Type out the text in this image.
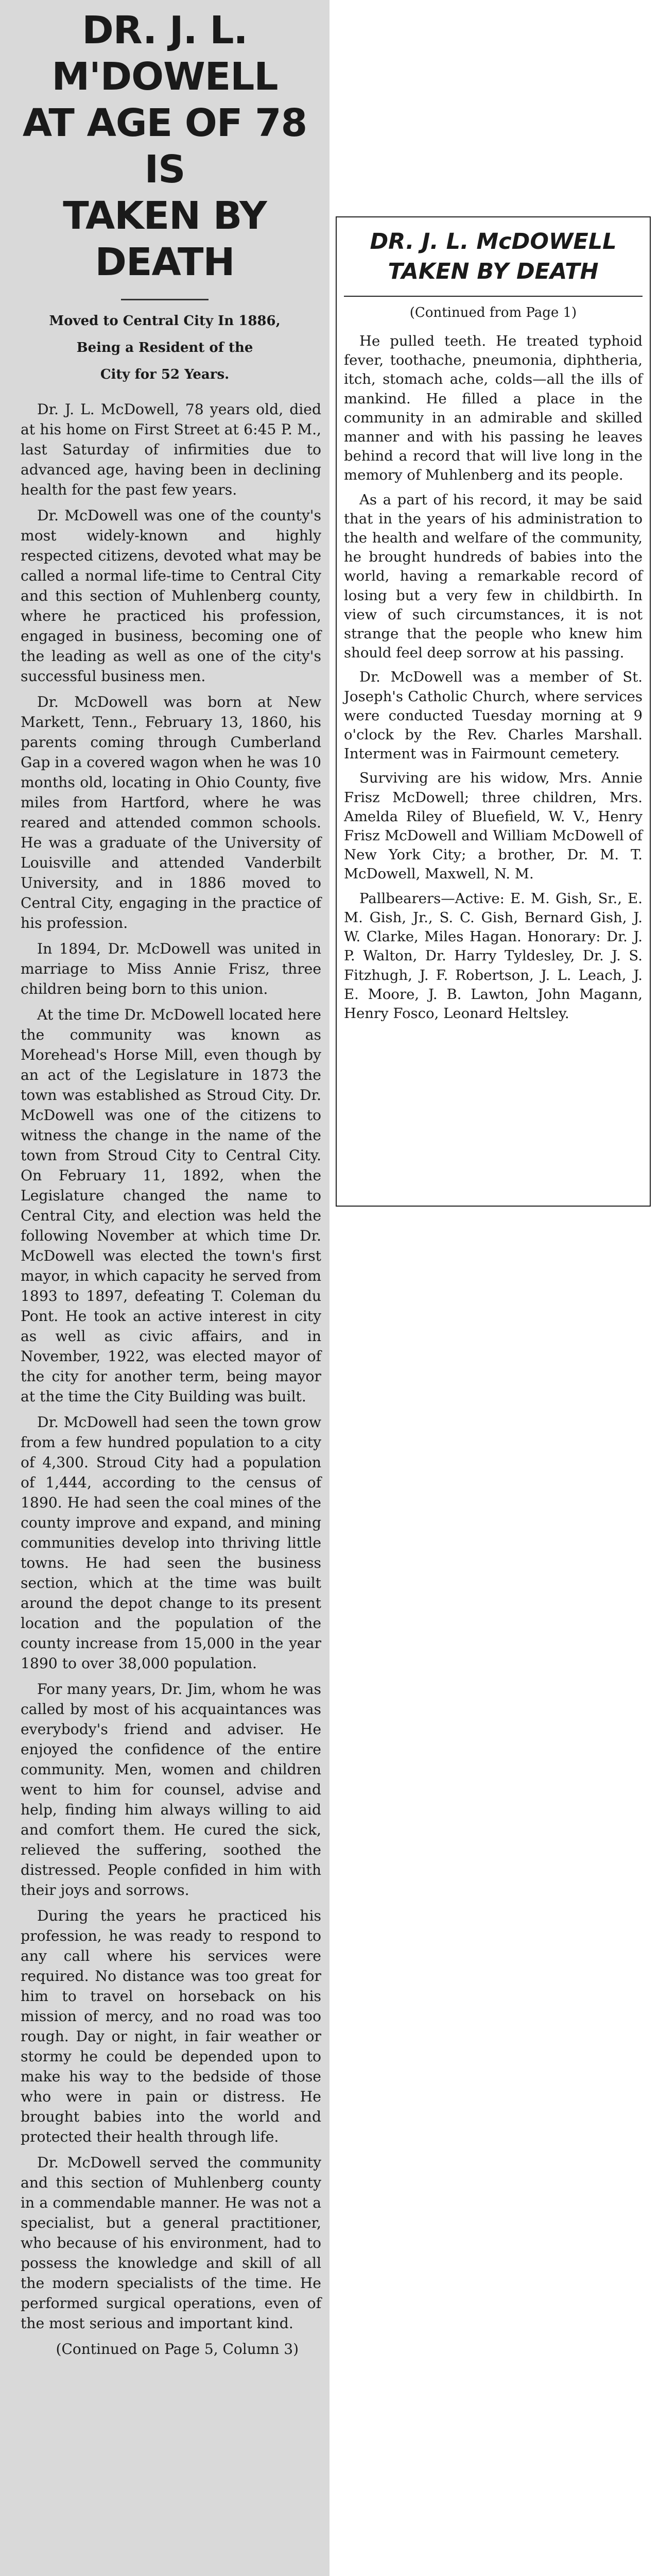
DR. J. L. M'DOWELL
AT AGE OF 78 IS
TAKEN BY DEATH
Moved to Central City In 1886,
Being a Resident of the
City for 52 Years.

Dr. J. L. McDowell, 78 years old, died at his home on First Street at 6:45 P. M., last Saturday of infirmities due to advanced age, having been in declining health for the past few years.

Dr. McDowell was one of the county's most widely-known and highly respected citizens, devoted what may be called a normal life-time to Central City and this section of Muhlenberg county, where he practiced his profession, engaged in business, becoming one of the leading as well as one of the city's successful business men.

Dr. McDowell was born at New Markett, Tenn., February 13, 1860, his parents coming through Cumberland Gap in a covered wagon when he was 10 months old, locating in Ohio County, five miles from Hartford, where he was reared and attended common schools. He was a graduate of the University of Louisville and attended Vanderbilt University, and in 1886 moved to Central City, engaging in the practice of his profession.

In 1894, Dr. McDowell was united in marriage to Miss Annie Frisz, three children being born to this union.

At the time Dr. McDowell located here the community was known as Morehead's Horse Mill, even though by an act of the Legislature in 1873 the town was established as Stroud City. Dr. McDowell was one of the citizens to witness the change in the name of the town from Stroud City to Central City. On February 11, 1892, when the Legislature changed the name to Central City, and election was held the following November at which time Dr. McDowell was elected the town's first mayor, in which capacity he served from 1893 to 1897, defeating T. Coleman du Pont. He took an active interest in city as well as civic affairs, and in November, 1922, was elected mayor of the city for another term, being mayor at the time the City Building was built.

Dr. McDowell had seen the town grow from a few hundred population to a city of 4,300. Stroud City had a population of 1,444, according to the census of 1890. He had seen the coal mines of the county improve and expand, and mining communities develop into thriving little towns. He had seen the business section, which at the time was built around the depot change to its present location and the population of the county increase from 15,000 in the year 1890 to over 38,000 population.

For many years, Dr. Jim, whom he was called by most of his acquaintances was everybody's friend and adviser. He enjoyed the confidence of the entire community. Men, women and children went to him for counsel, advise and help, finding him always willing to aid and comfort them. He cured the sick, relieved the suffering, soothed the distressed. People confided in him with their joys and sorrows.

During the years he practiced his profession, he was ready to respond to any call where his services were required. No distance was too great for him to travel on horseback on his mission of mercy, and no road was too rough. Day or night, in fair weather or stormy he could be depended upon to make his way to the bedside of those who were in pain or distress. He brought babies into the world and protected their health through life.

Dr. McDowell served the community and this section of Muhlenberg county in a commendable manner. He was not a specialist, but a general practitioner, who because of his environment, had to possess the knowledge and skill of all the modern specialists of the time. He performed surgical operations, even of the most serious and important kind.

(Continued on Page 5, Column 3)
DR. J. L. McDOWELL
TAKEN BY DEATH
(Continued from Page 1)

He pulled teeth. He treated typhoid fever, toothache, pneumonia, diphtheria, itch, stomach ache, colds—all the ills of mankind. He filled a place in the community in an admirable and skilled manner and with his passing he leaves behind a record that will live long in the memory of Muhlenberg and its people.

As a part of his record, it may be said that in the years of his administration to the health and welfare of the community, he brought hundreds of babies into the world, having a remarkable record of losing but a very few in childbirth. In view of such circumstances, it is not strange that the people who knew him should feel deep sorrow at his passing.

Dr. McDowell was a member of St. Joseph's Catholic Church, where services were conducted Tuesday morning at 9 o'clock by the Rev. Charles Marshall. Interment was in Fairmount cemetery.

Surviving are his widow, Mrs. Annie Frisz McDowell; three children, Mrs. Amelda Riley of Bluefield, W. V., Henry Frisz McDowell and William McDowell of New York City; a brother, Dr. M. T. McDowell, Maxwell, N. M.

Pallbearers—Active: E. M. Gish, Sr., E. M. Gish, Jr., S. C. Gish, Bernard Gish, J. W. Clarke, Miles Hagan. Honorary: Dr. J. P. Walton, Dr. Harry Tyldesley, Dr. J. S. Fitzhugh, J. F. Robertson, J. L. Leach, J. E. Moore, J. B. Lawton, John Magann, Henry Fosco, Leonard Heltsley.
